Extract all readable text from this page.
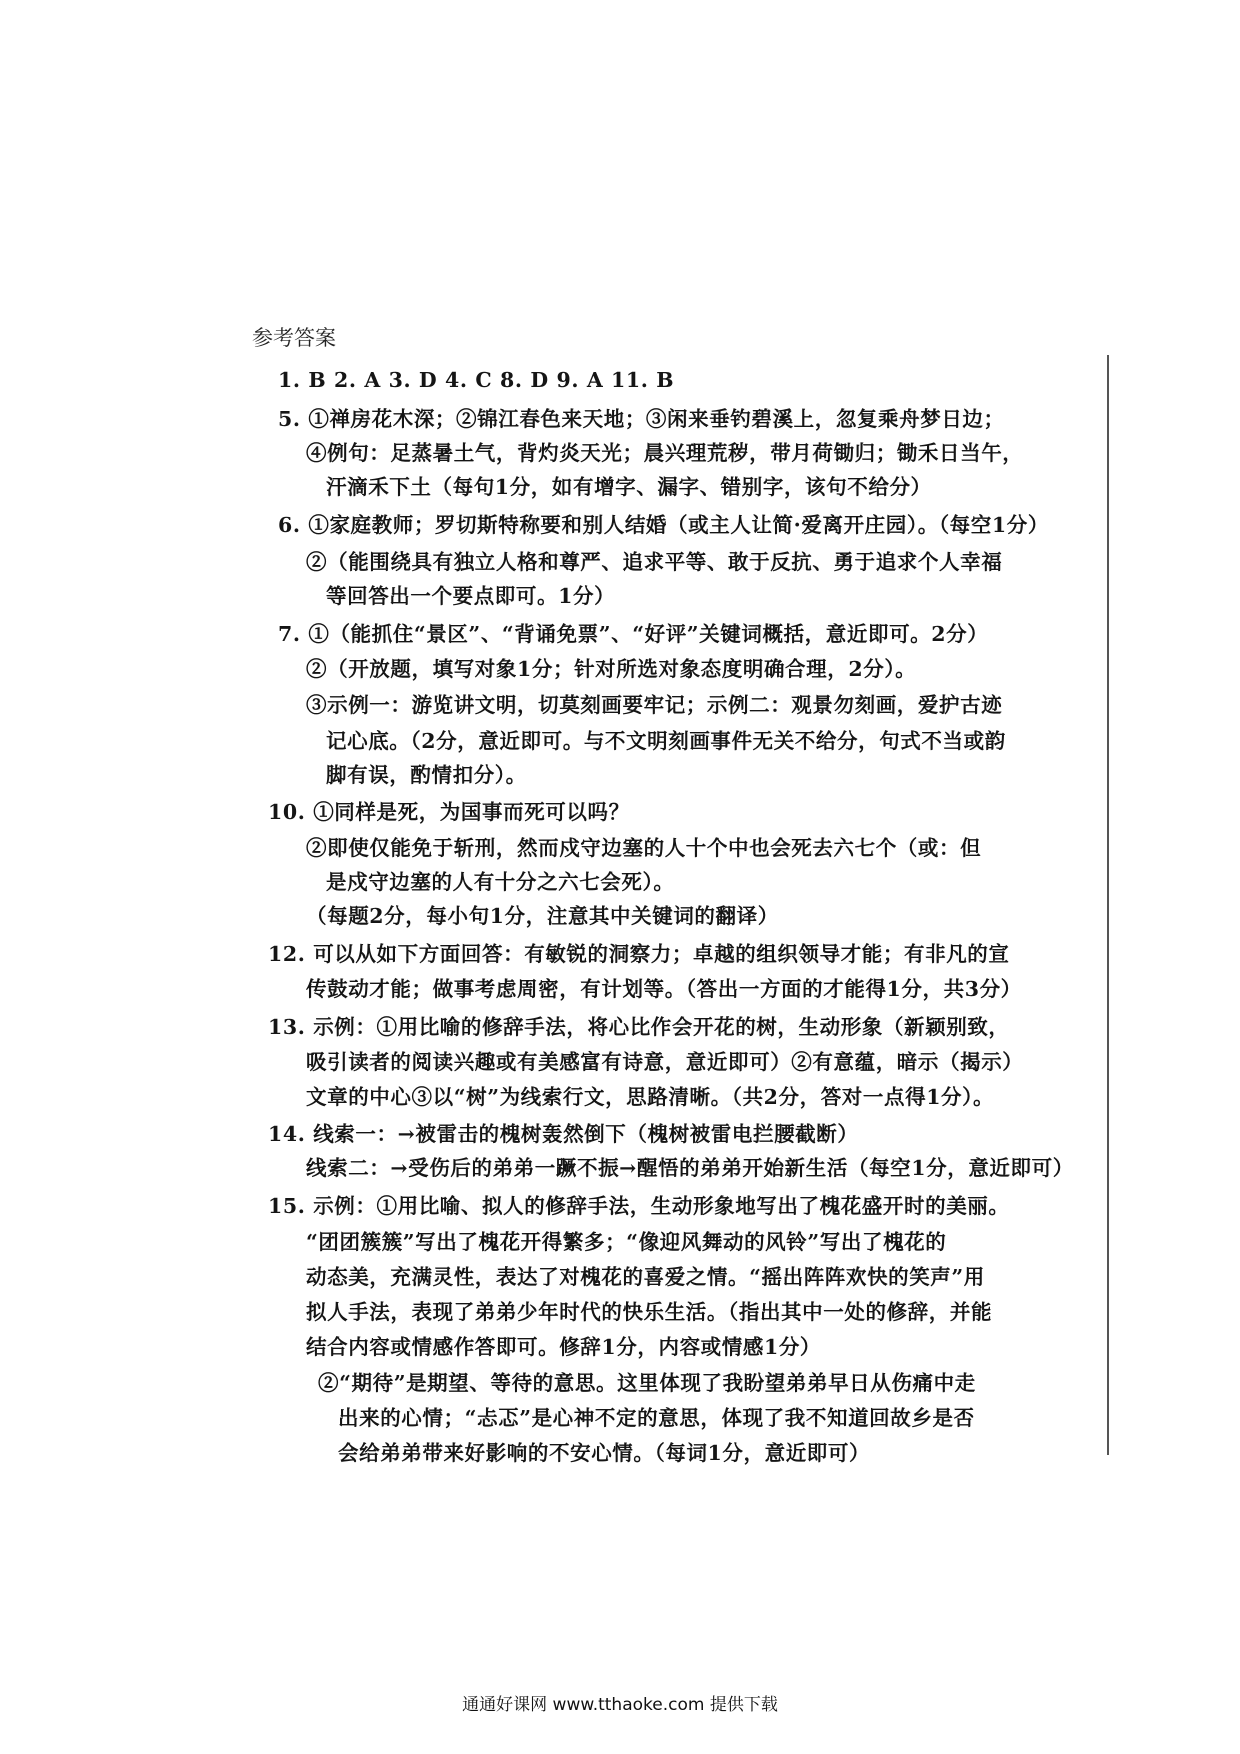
参考答案
1. B 2. A 3. D 4. C 8. D 9. A 11. B
5. ①禅房花木深；②锦江春色来天地；③闲来垂钓碧溪上，忽复乘舟梦日边；
④例句：足蒸暑土气，背灼炎天光；晨兴理荒秽，带月荷锄归；锄禾日当午，
汗滴禾下土（每句1分，如有增字、漏字、错别字，该句不给分）
6. ①家庭教师；罗切斯特称要和别人结婚（或主人让简·爱离开庄园）。（每空1分）
②（能围绕具有独立人格和尊严、追求平等、敢于反抗、勇于追求个人幸福
等回答出一个要点即可。1分）
7. ①（能抓住“景区”、“背诵免票”、“好评”关键词概括，意近即可。2分）
②（开放题，填写对象1分；针对所选对象态度明确合理，2分）。
③示例一：游览讲文明，切莫刻画要牢记；示例二：观景勿刻画，爱护古迹
记心底。（2分，意近即可。与不文明刻画事件无关不给分，句式不当或韵
脚有误，酌情扣分）。
10. ①同样是死，为国事而死可以吗？
②即使仅能免于斩刑，然而戍守边塞的人十个中也会死去六七个（或：但
是戍守边塞的人有十分之六七会死）。
（每题2分，每小句1分，注意其中关键词的翻译）
12. 可以从如下方面回答：有敏锐的洞察力；卓越的组织领导才能；有非凡的宣
传鼓动才能；做事考虑周密，有计划等。（答出一方面的才能得1分，共3分）
13. 示例：①用比喻的修辞手法，将心比作会开花的树，生动形象（新颖别致，
吸引读者的阅读兴趣或有美感富有诗意，意近即可）②有意蕴，暗示（揭示）
文章的中心③以“树”为线索行文，思路清晰。（共2分，答对一点得1分）。
14. 线索一：→被雷击的槐树轰然倒下（槐树被雷电拦腰截断）
线索二：→受伤后的弟弟一蹶不振→醒悟的弟弟开始新生活（每空1分，意近即可）
15. 示例：①用比喻、拟人的修辞手法，生动形象地写出了槐花盛开时的美丽。
“团团簇簇”写出了槐花开得繁多；“像迎风舞动的风铃”写出了槐花的
动态美，充满灵性，表达了对槐花的喜爱之情。“摇出阵阵欢快的笑声”用
拟人手法，表现了弟弟少年时代的快乐生活。（指出其中一处的修辞，并能
结合内容或情感作答即可。修辞1分，内容或情感1分）
②“期待”是期望、等待的意思。这里体现了我盼望弟弟早日从伤痛中走
出来的心情；“忐忑”是心神不定的意思，体现了我不知道回故乡是否
会给弟弟带来好影响的不安心情。（每词1分，意近即可）
通通好课网 www.tthaoke.com 提供下载
